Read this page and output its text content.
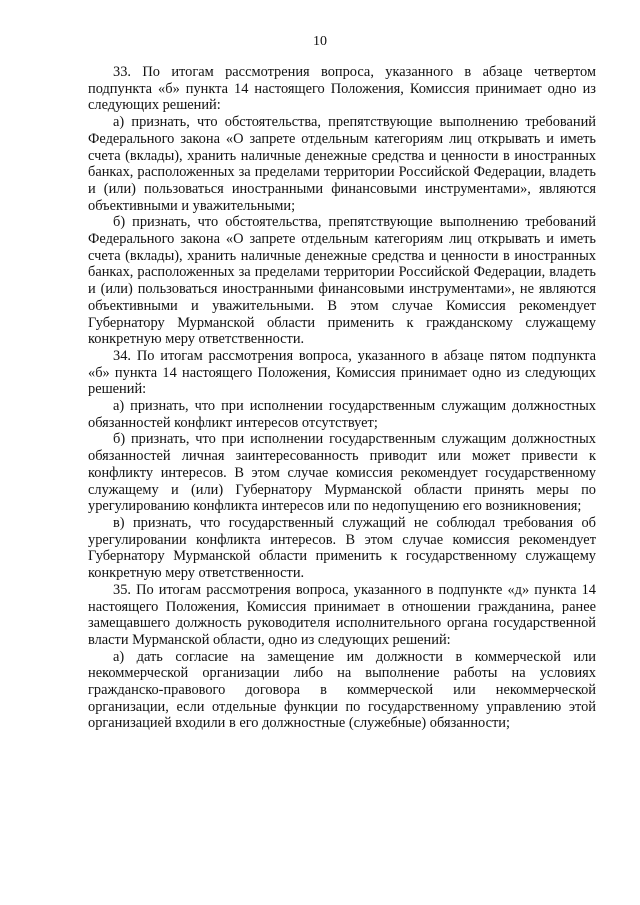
10

33. По итогам рассмотрения вопроса, указанного в абзаце четвертом подпункта «б» пункта 14 настоящего Положения, Комиссия принимает одно из следующих решений:

а) признать, что обстоятельства, препятствующие выполнению требований Федерального закона «О запрете отдельным категориям лиц открывать и иметь счета (вклады), хранить наличные денежные средства и ценности в иностранных банках, расположенных за пределами территории Российской Федерации, владеть и (или) пользоваться иностранными финансовыми инструментами», являются объективными и уважительными;

б) признать, что обстоятельства, препятствующие выполнению требований Федерального закона «О запрете отдельным категориям лиц открывать и иметь счета (вклады), хранить наличные денежные средства и ценности в иностранных банках, расположенных за пределами территории Российской Федерации, владеть и (или) пользоваться иностранными финансовыми инструментами», не являются объективными и уважительными. В этом случае Комиссия рекомендует Губернатору Мурманской области применить к гражданскому служащему конкретную меру ответственности.

34. По итогам рассмотрения вопроса, указанного в абзаце пятом подпункта «б» пункта 14 настоящего Положения, Комиссия принимает одно из следующих решений:

а) признать, что при исполнении государственным служащим должностных обязанностей конфликт интересов отсутствует;

б) признать, что при исполнении государственным служащим должностных обязанностей личная заинтересованность приводит или может привести к конфликту интересов. В этом случае комиссия рекомендует государственному служащему и (или) Губернатору Мурманской области принять меры по урегулированию конфликта интересов или по недопущению его возникновения;

в) признать, что государственный служащий не соблюдал требования об урегулировании конфликта интересов. В этом случае комиссия рекомендует Губернатору Мурманской области применить к государственному служащему конкретную меру ответственности.

35. По итогам рассмотрения вопроса, указанного в подпункте «д» пункта 14 настоящего Положения, Комиссия принимает в отношении гражданина, ранее замещавшего должность руководителя исполнительного органа государственной власти Мурманской области, одно из следующих решений:

а) дать согласие на замещение им должности в коммерческой или некоммерческой организации либо на выполнение работы на условиях гражданско-правового договора в коммерческой или некоммерческой организации, если отдельные функции по государственному управлению этой организацией входили в его должностные (служебные) обязанности;
